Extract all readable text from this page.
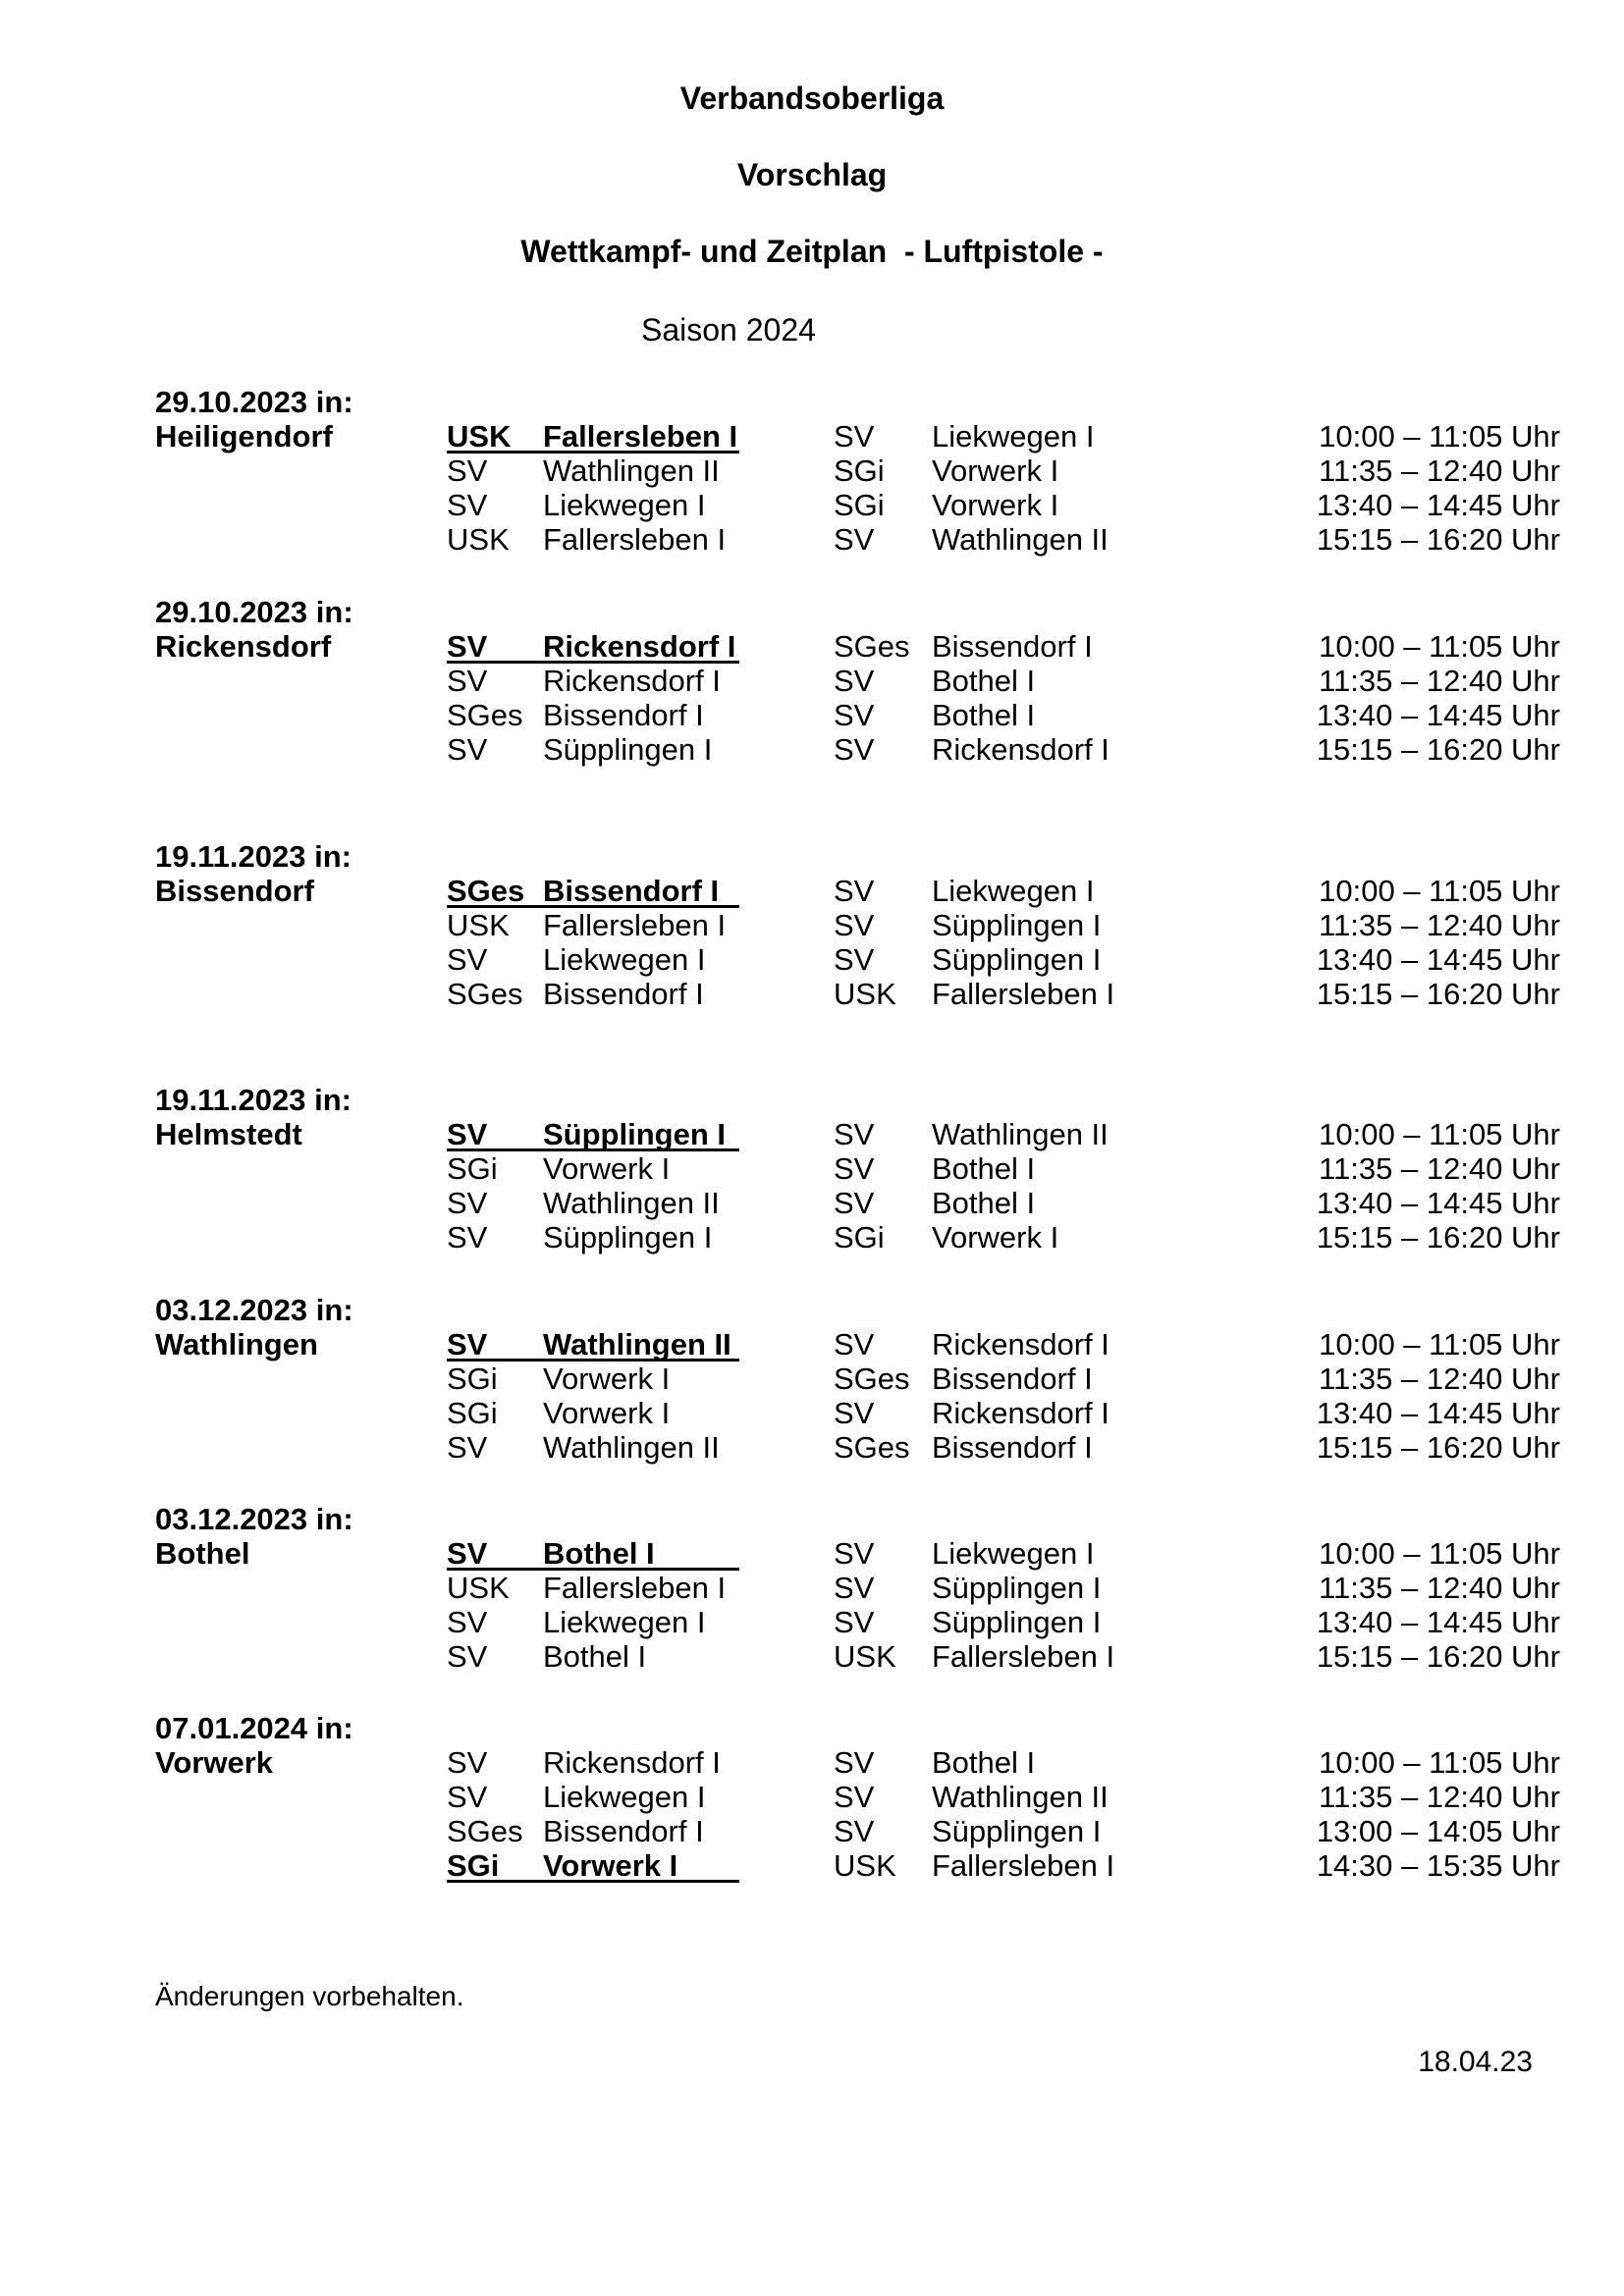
Verbandsoberliga
Vorschlag
Wettkampf- und Zeitplan  - Luftpistole -
Saison 2024
29.10.2023 in:
Heiligendorf	USK Fallersleben I	SV Liekwegen I	10:00 – 11:05 Uhr
SV Wathlingen II	SGi Vorwerk I	11:35 – 12:40 Uhr
SV Liekwegen I	SGi Vorwerk I	13:40 – 14:45 Uhr
USK Fallersleben I	SV Wathlingen II	15:15 – 16:20 Uhr
29.10.2023 in:
Rickensdorf	SV Rickensdorf I	SGes Bissendorf I	10:00 – 11:05 Uhr
SV Rickensdorf I	SV Bothel I	11:35 – 12:40 Uhr
SGes Bissendorf I	SV Bothel I	13:40 – 14:45 Uhr
SV Süpplingen I	SV Rickensdorf I	15:15 – 16:20 Uhr
19.11.2023 in:
Bissendorf	SGes Bissendorf I	SV Liekwegen I	10:00 – 11:05 Uhr
USK Fallersleben I	SV Süpplingen I	11:35 – 12:40 Uhr
SV Liekwegen I	SV Süpplingen I	13:40 – 14:45 Uhr
SGes Bissendorf I	USK Fallersleben I	15:15 – 16:20 Uhr
19.11.2023 in:
Helmstedt	SV Süpplingen I	SV Wathlingen II	10:00 – 11:05 Uhr
SGi Vorwerk I	SV Bothel I	11:35 – 12:40 Uhr
SV Wathlingen II	SV Bothel I	13:40 – 14:45 Uhr
SV Süpplingen I	SGi Vorwerk I	15:15 – 16:20 Uhr
03.12.2023 in:
Wathlingen	SV Wathlingen II	SV Rickensdorf I	10:00 – 11:05 Uhr
SGi Vorwerk I	SGes Bissendorf I	11:35 – 12:40 Uhr
SGi Vorwerk I	SV Rickensdorf I	13:40 – 14:45 Uhr
SV Wathlingen II	SGes Bissendorf I	15:15 – 16:20 Uhr
03.12.2023 in:
Bothel	SV Bothel I	SV Liekwegen I	10:00 – 11:05 Uhr
USK Fallersleben I	SV Süpplingen I	11:35 – 12:40 Uhr
SV Liekwegen I	SV Süpplingen I	13:40 – 14:45 Uhr
SV Bothel I	USK Fallersleben I	15:15 – 16:20 Uhr
07.01.2024 in:
Vorwerk	SV Rickensdorf I	SV Bothel I	10:00 – 11:05 Uhr
SV Liekwegen I	SV Wathlingen II	11:35 – 12:40 Uhr
SGes Bissendorf I	SV Süpplingen I	13:00 – 14:05 Uhr
SGi Vorwerk I	USK Fallersleben I	14:30 – 15:35 Uhr
Änderungen vorbehalten.
18.04.23
